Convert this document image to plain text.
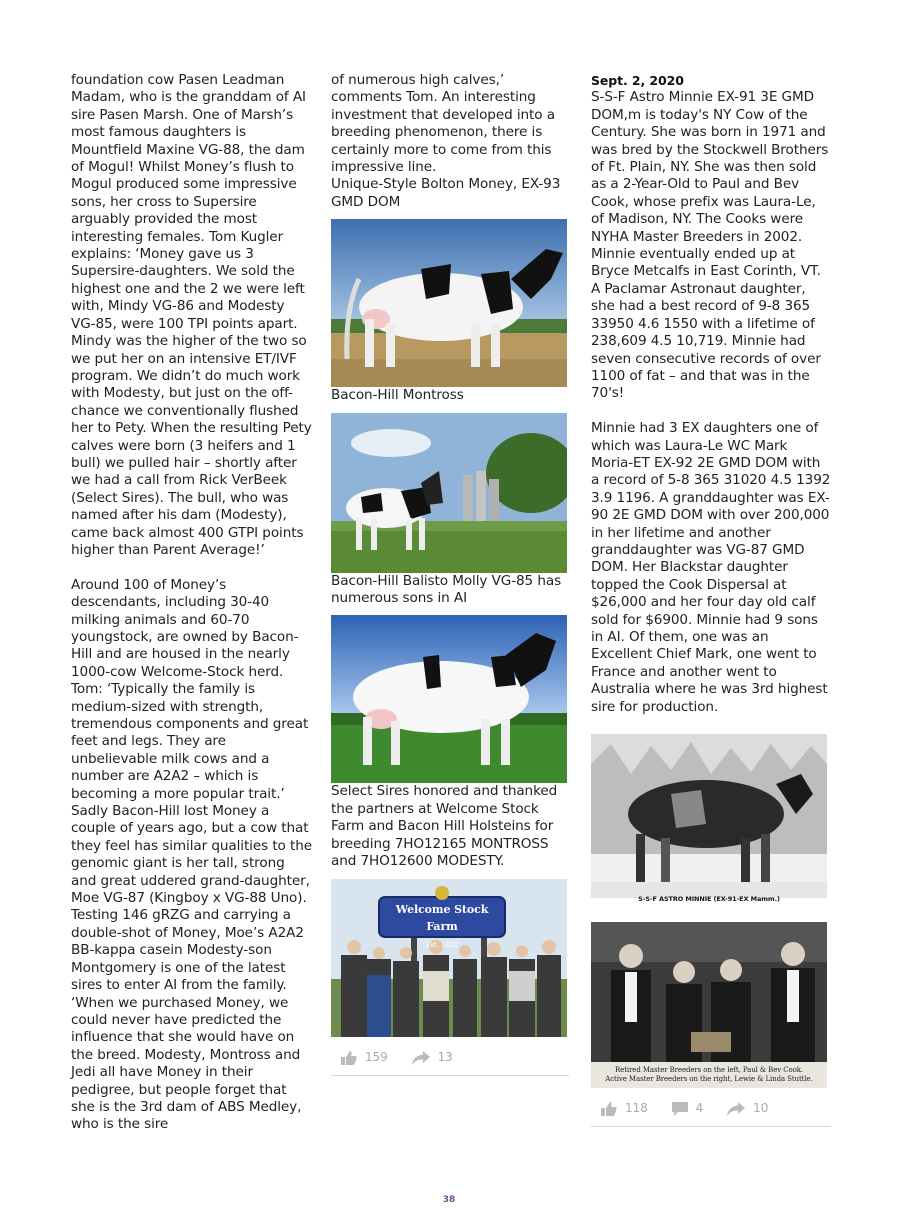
foundation cow Pasen Leadman Madam, who is the granddam of AI sire Pasen Marsh. One of Marsh’s most famous daughters is Mountfield Maxine VG-88, the dam of Mogul! Whilst Money’s flush to Mogul produced some impressive sons, her cross to Supersire arguably provided the most interesting females. Tom Kugler explains: ‘Money gave us 3 Supersire-daughters. We sold the highest one and the 2 we were left with, Mindy VG-86 and Modesty VG-85, were 100 TPI points apart. Mindy was the higher of the two so we put her on an intensive ET/IVF program. We didn’t do much work with Modesty, but just on the off-chance we conventionally flushed her to Pety. When the resulting Pety calves were born (3 heifers and 1 bull) we pulled hair – shortly after we had a call from Rick VerBeek (Select Sires). The bull, who was named after his dam (Modesty), came back almost 400 GTPI points higher than Parent Average!’

Around 100 of Money’s descendants, including 30-40 milking animals and 60-70 youngstock, are owned by Bacon-Hill and are housed in the nearly 1000-cow Welcome-Stock herd. Tom: ‘Typically the family is medium-sized with strength, tremendous components and great feet and legs. They are unbelievable milk cows and a number are A2A2 – which is becoming a more popular trait.’ Sadly Bacon-Hill lost Money a couple of years ago, but a cow that they feel has similar qualities to the genomic giant is her tall, strong and great uddered grand-daughter, Moe VG-87 (Kingboy x VG-88 Uno). Testing 146 gRZG and carrying a double-shot of Money, Moe’s A2A2 BB-kappa casein Modesty-son Montgomery is one of the latest sires to enter AI from the family. ‘When we purchased Money, we could never have predicted the influence that she would have on the breed. Modesty, Montross and Jedi all have Money in their pedigree, but people forget that she is the 3rd dam of ABS Medley, who is the sire

of numerous high calves,’ comments Tom. An interesting investment that developed into a breeding phenomenon, there is certainly more to come from this impressive line.

Unique-Style Bolton Money, EX-93 GMD DOM

Bacon-Hill Montross

Bacon-Hill Balisto Molly VG-85 has numerous sons in AI

Select Sires honored and thanked the partners at Welcome Stock Farm and Bacon Hill Holsteins for breeding 7HO12165 MONTROSS and 7HO12600 MODESTY.

Welcome Stock Farm
Est. 1932
159	13

Sept. 2, 2020

S-S-F Astro Minnie EX-91 3E GMD DOM,m is today's NY Cow of the Century. She was born in 1971 and was bred by the Stockwell Brothers of Ft. Plain, NY. She was then sold as a 2-Year-Old to Paul and Bev Cook, whose prefix was Laura-Le, of Madison, NY. The Cooks were NYHA Master Breeders in 2002. Minnie eventually ended up at Bryce Metcalfs in East Corinth, VT. A Paclamar Astronaut daughter, she had a best record of 9-8 365 33950 4.6 1550 with a lifetime of 238,609 4.5 10,719. Minnie had seven consecutive records of over 1100 of fat – and that was in the 70's!

Minnie had 3 EX daughters one of which was Laura-Le WC Mark Moria-ET EX-92 2E GMD DOM with a record of 5-8 365 31020 4.5 1392 3.9 1196. A granddaughter was EX-90 2E GMD DOM with over 200,000 in her lifetime and another granddaughter was VG-87 GMD DOM. Her Blackstar daughter topped the Cook Dispersal at $26,000 and her four day old calf sold for $6900. Minnie had 9 sons in AI. Of them, one was an Excellent Chief Mark, one went to France and another went to Australia where he was 3rd highest sire for production.

S-S-F ASTRO MINNIE (EX-91-EX Mamm.)
Retired Master Breeders on the left, Paul & Bev Cook.
Active Master Breeders on the right, Lewie & Linda Stuttle.
118	4	10
38
